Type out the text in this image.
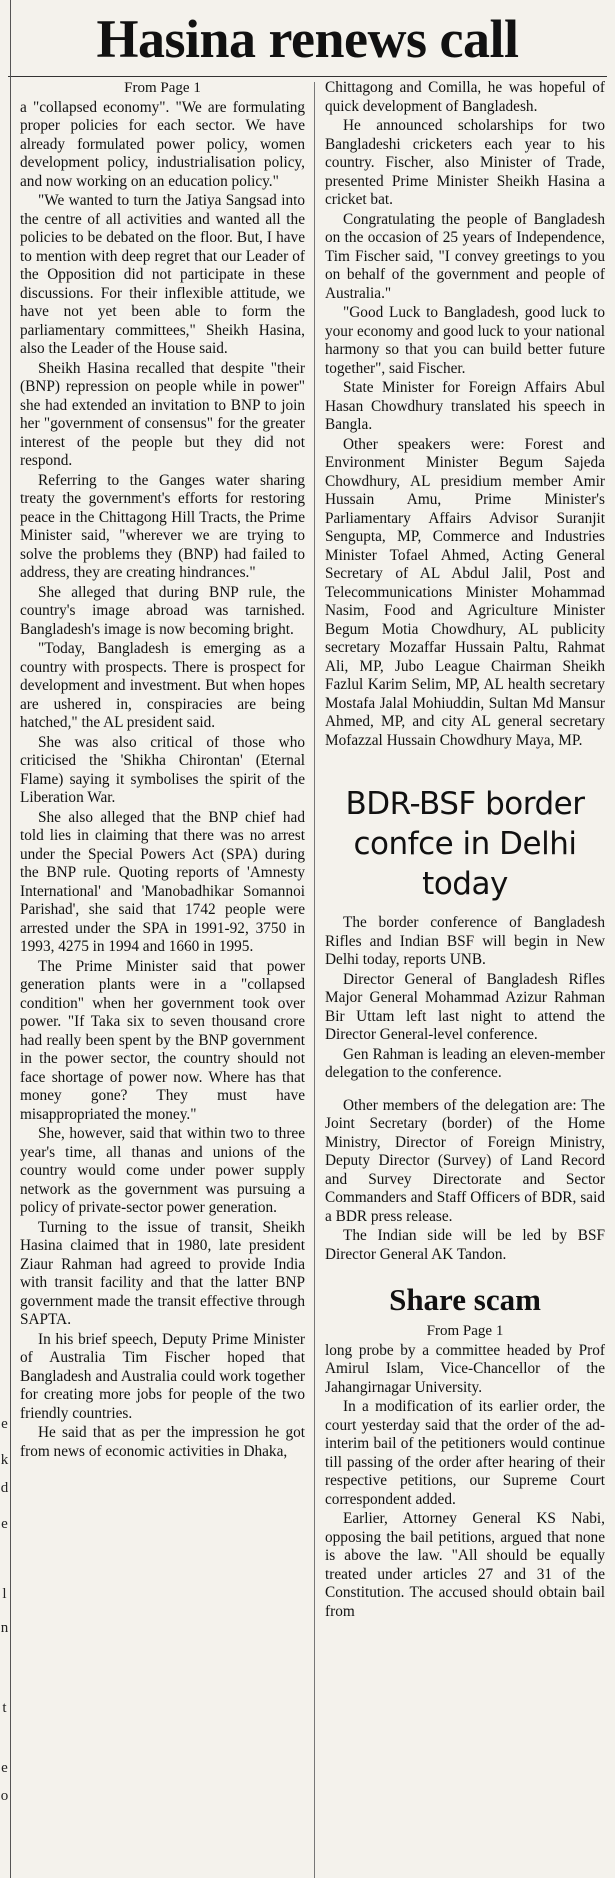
Hasina renews call
e
k
d
e
l
n
t
e
o
From Page 1

a "collapsed economy". "We are formulating proper policies for each sector. We have already formulated power policy, women development policy, industrialisation policy, and now working on an education policy."

"We wanted to turn the Jatiya Sangsad into the centre of all activities and wanted all the policies to be debated on the floor. But, I have to mention with deep regret that our Leader of the Opposition did not participate in these discussions. For their inflexible attitude, we have not yet been able to form the parliamentary committees," Sheikh Hasina, also the Leader of the House said.

Sheikh Hasina recalled that despite "their (BNP) repression on people while in power" she had extended an invitation to BNP to join her "government of consensus" for the greater interest of the people but they did not respond.

Referring to the Ganges water sharing treaty the government's efforts for restoring peace in the Chittagong Hill Tracts, the Prime Minister said, "wherever we are trying to solve the problems they (BNP) had failed to address, they are creating hindrances."

She alleged that during BNP rule, the country's image abroad was tarnished. Bangladesh's image is now becoming bright.

"Today, Bangladesh is emerging as a country with prospects. There is prospect for development and investment. But when hopes are ushered in, conspiracies are being hatched," the AL president said.

She was also critical of those who criticised the 'Shikha Chirontan' (Eternal Flame) saying it symbolises the spirit of the Liberation War.

She also alleged that the BNP chief had told lies in claiming that there was no arrest under the Special Powers Act (SPA) during the BNP rule. Quoting reports of 'Amnesty International' and 'Manobadhikar Somannoi Parishad', she said that 1742 people were arrested under the SPA in 1991-92, 3750 in 1993, 4275 in 1994 and 1660 in 1995.

The Prime Minister said that power generation plants were in a "collapsed condition" when her government took over power. "If Taka six to seven thousand crore had really been spent by the BNP government in the power sector, the country should not face shortage of power now. Where has that money gone? They must have misappropriated the money."

She, however, said that within two to three year's time, all thanas and unions of the country would come under power supply network as the government was pursuing a policy of private-sector power generation.

Turning to the issue of transit, Sheikh Hasina claimed that in 1980, late president Ziaur Rahman had agreed to provide India with transit facility and that the latter BNP government made the transit effective through SAPTA.

In his brief speech, Deputy Prime Minister of Australia Tim Fischer hoped that Bangladesh and Australia could work together for creating more jobs for people of the two friendly countries.

He said that as per the impression he got from news of economic activities in Dhaka,

Chittagong and Comilla, he was hopeful of quick development of Bangladesh.

He announced scholarships for two Bangladeshi cricketers each year to his country. Fischer, also Minister of Trade, presented Prime Minister Sheikh Hasina a cricket bat.

Congratulating the people of Bangladesh on the occasion of 25 years of Independence, Tim Fischer said, "I convey greetings to you on behalf of the government and people of Australia."

"Good Luck to Bangladesh, good luck to your economy and good luck to your national harmony so that you can build better future together", said Fischer.

State Minister for Foreign Affairs Abul Hasan Chowdhury translated his speech in Bangla.

Other speakers were: Forest and Environment Minister Begum Sajeda Chowdhury, AL presidium member Amir Hussain Amu, Prime Minister's Parliamentary Affairs Advisor Suranjit Sengupta, MP, Commerce and Industries Minister Tofael Ahmed, Acting General Secretary of AL Abdul Jalil, Post and Telecommunications Minister Mohammad Nasim, Food and Agriculture Minister Begum Motia Chowdhury, AL publicity secretary Mozaffar Hussain Paltu, Rahmat Ali, MP, Jubo League Chairman Sheikh Fazlul Karim Selim, MP, AL health secretary Mostafa Jalal Mohiuddin, Sultan Md Mansur Ahmed, MP, and city AL general secretary Mofazzal Hussain Chowdhury Maya, MP.

BDR-BSF border confce in Delhi today

The border conference of Bangladesh Rifles and Indian BSF will begin in New Delhi today, reports UNB.

Director General of Bangladesh Rifles Major General Mohammad Azizur Rahman Bir Uttam left last night to attend the Director General-level conference.

Gen Rahman is leading an eleven-member delegation to the conference.

Other members of the delegation are: The Joint Secretary (border) of the Home Ministry, Director of Foreign Ministry, Deputy Director (Survey) of Land Record and Survey Directorate and Sector Commanders and Staff Officers of BDR, said a BDR press release.

The Indian side will be led by BSF Director General AK Tandon.

Share scam
From Page 1

long probe by a committee headed by Prof Amirul Islam, Vice-Chancellor of the Jahangirnagar University.

In a modification of its earlier order, the court yesterday said that the order of the ad-interim bail of the petitioners would continue till passing of the order after hearing of their respective petitions, our Supreme Court correspondent added.

Earlier, Attorney General KS Nabi, opposing the bail petitions, argued that none is above the law. "All should be equally treated under articles 27 and 31 of the Constitution. The accused should obtain bail from
